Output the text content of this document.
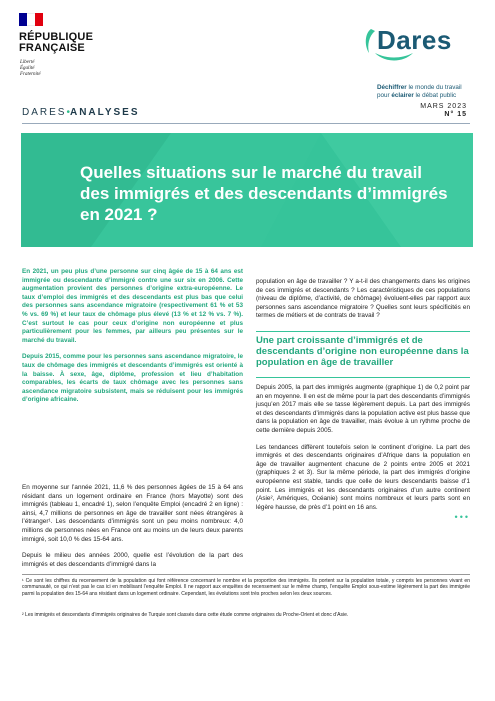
RÉPUBLIQUE
FRANÇAISE
Liberté
Égalité
Fraternité
Dares
Déchiffrer le monde du travail
pour éclairer le débat public
DARES•ANALYSES
MARS 2023
N° 15
Quelles situations sur le marché du travail des immigrés et des descendants d’immigrés en 2021 ?

En 2021, un peu plus d’une personne sur cinq âgée de 15 à 64 ans est immigrée ou descendante d’immigré contre une sur six en 2006. Cette augmentation provient des personnes d’origine extra-européenne. Le taux d’emploi des immigrés et des descendants est plus bas que celui des personnes sans ascendance migratoire (respectivement 61 % et 53 % vs. 69 %) et leur taux de chômage plus élevé (13 % et 12 % vs. 7 %). C’est surtout le cas pour ceux d’origine non européenne et plus particulièrement pour les femmes, par ailleurs peu présentes sur le marché du travail.

Depuis 2015, comme pour les personnes sans ascendance migratoire, le taux de chômage des immigrés et descendants d’immigrés est orienté à la baisse. À sexe, âge, diplôme, profession et lieu d’habitation comparables, les écarts de taux chômage avec les personnes sans ascendance migratoire subsistent, mais se réduisent pour les immigrés d’origine africaine.

En moyenne sur l’année 2021, 11,6 % des personnes âgées de 15 à 64 ans résidant dans un logement ordinaire en France (hors Mayotte) sont des immigrés (tableau 1, encadré 1), selon l’enquête Emploi (encadré 2 en ligne) : ainsi, 4,7 millions de personnes en âge de travailler sont nées étrangères à l’étranger¹. Les descendants d’immigrés sont un peu moins nombreux: 4,0 millions de personnes nées en France ont au moins un de leurs deux parents immigré, soit 10,0 % des 15-64 ans.

Depuis le milieu des années 2000, quelle est l’évolution de la part des immigrés et des descendants d’immigré dans la

population en âge de travailler ? Y a-t-il des changements dans les origines de ces immigrés et descendants ? Les caractéristiques de ces populations (niveau de diplôme, d’activité, de chômage) évoluent-elles par rapport aux personnes sans ascendance migratoire ? Quelles sont leurs spécificités en termes de métiers et de contrats de travail ?

Une part croissante d’immigrés et de descendants d’origine non européenne dans la population en âge de travailler

Depuis 2005, la part des immigrés augmente (graphique 1) de 0,2 point par an en moyenne. Il en est de même pour la part des descendants d’immigrés jusqu’en 2017 mais elle se tasse légèrement depuis. La part des immigrés et des descendants d’immigrés dans la population active est plus basse que dans la population en âge de travailler, mais évolue à un rythme proche de cette dernière depuis 2005.

Les tendances diffèrent toutefois selon le continent d’origine. La part des immigrés et des descendants originaires d’Afrique dans la population en âge de travailler augmentent chacune de 2 points entre 2005 et 2021 (graphiques 2 et 3). Sur la même période, la part des immigrés d’origine européenne est stable, tandis que celle de leurs descendants baisse d’1 point. Les immigrés et les descendants originaires d’un autre continent (Asie², Amériques, Océanie) sont moins nombreux et leurs parts sont en légère hausse, de près d’1 point en 16 ans.

•••
¹ Ce sont les chiffres du recensement de la population qui font référence concernant le nombre et la proportion des immigrés. Ils portent sur la population totale, y compris les personnes vivant en communauté, ce qui n’est pas le cas ici en mobilisant l’enquête Emploi. Il ne rapport aux enquêtes de recensement sur le même champ, l’enquête Emploi sous-estime légèrement la part des immigrée parmi la population des 15-64 ans résidant dans un logement ordinaire. Cependant, les évolutions sont très proches selon les deux sources.
² Les immigrés et descendants d’immigrés originaires de Turquie sont classés dans cette étude comme originaires du Proche-Orient et donc d’Asie.
